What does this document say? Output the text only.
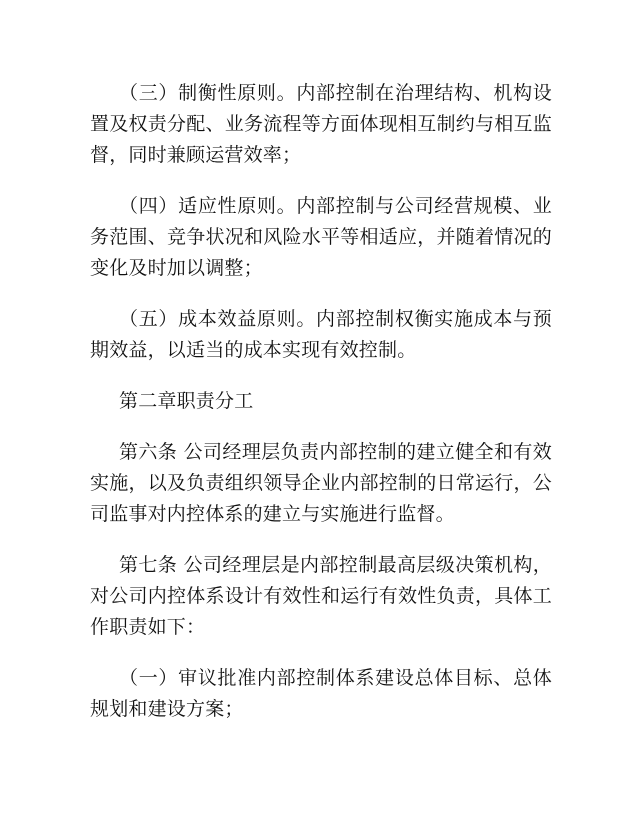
（三）制衡性原则。内部控制在治理结构、机构设置及权责分配、业务流程等方面体现相互制约与相互监督，同时兼顾运营效率；

（四）适应性原则。内部控制与公司经营规模、业务范围、竞争状况和风险水平等相适应，并随着情况的变化及时加以调整；

（五）成本效益原则。内部控制权衡实施成本与预期效益，以适当的成本实现有效控制。

第二章职责分工

第六条 公司经理层负责内部控制的建立健全和有效实施，以及负责组织领导企业内部控制的日常运行，公司监事对内控体系的建立与实施进行监督。

第七条 公司经理层是内部控制最高层级决策机构，对公司内控体系设计有效性和运行有效性负责，具体工作职责如下：

（一）审议批准内部控制体系建设总体目标、总体规划和建设方案；
